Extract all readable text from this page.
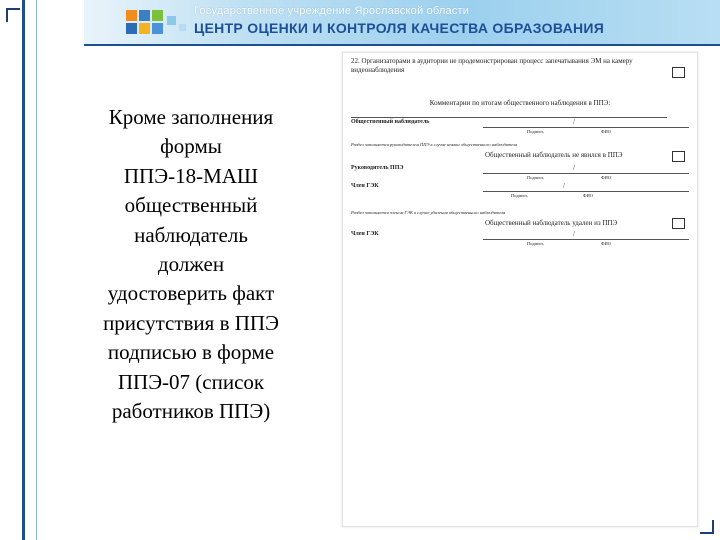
Государственное учреждение Ярославской области
ЦЕНТР ОЦЕНКИ И КОНТРОЛЯ КАЧЕСТВА ОБРАЗОВАНИЯ
Кроме заполнения
формы
ППЭ-18-МАШ
общественный
наблюдатель
должен
удостоверить факт
присутствия в ППЭ
подписью в форме
ППЭ-07 (список
работников ППЭ)
22. Организаторами в аудитории не продемонстрирован процесс запечатывания ЭМ на камеру видеонаблюдения
Комментарии по итогам общественного наблюдения в ППЭ:
Общественный наблюдатель	/
Подпись	ФИО
Раздел заполняется руководителем ППЭ в случае неявки общественного наблюдателя
Общественный наблюдатель не явился в ППЭ
Руководитель ППЭ	/
Подпись	ФИО
Член ГЭК	/
Подпись	ФИО
Раздел заполняется членом ГЭК в случае удаления общественного наблюдателя
Общественный наблюдатель удален из ППЭ
Член ГЭК	/
Подпись	ФИО
